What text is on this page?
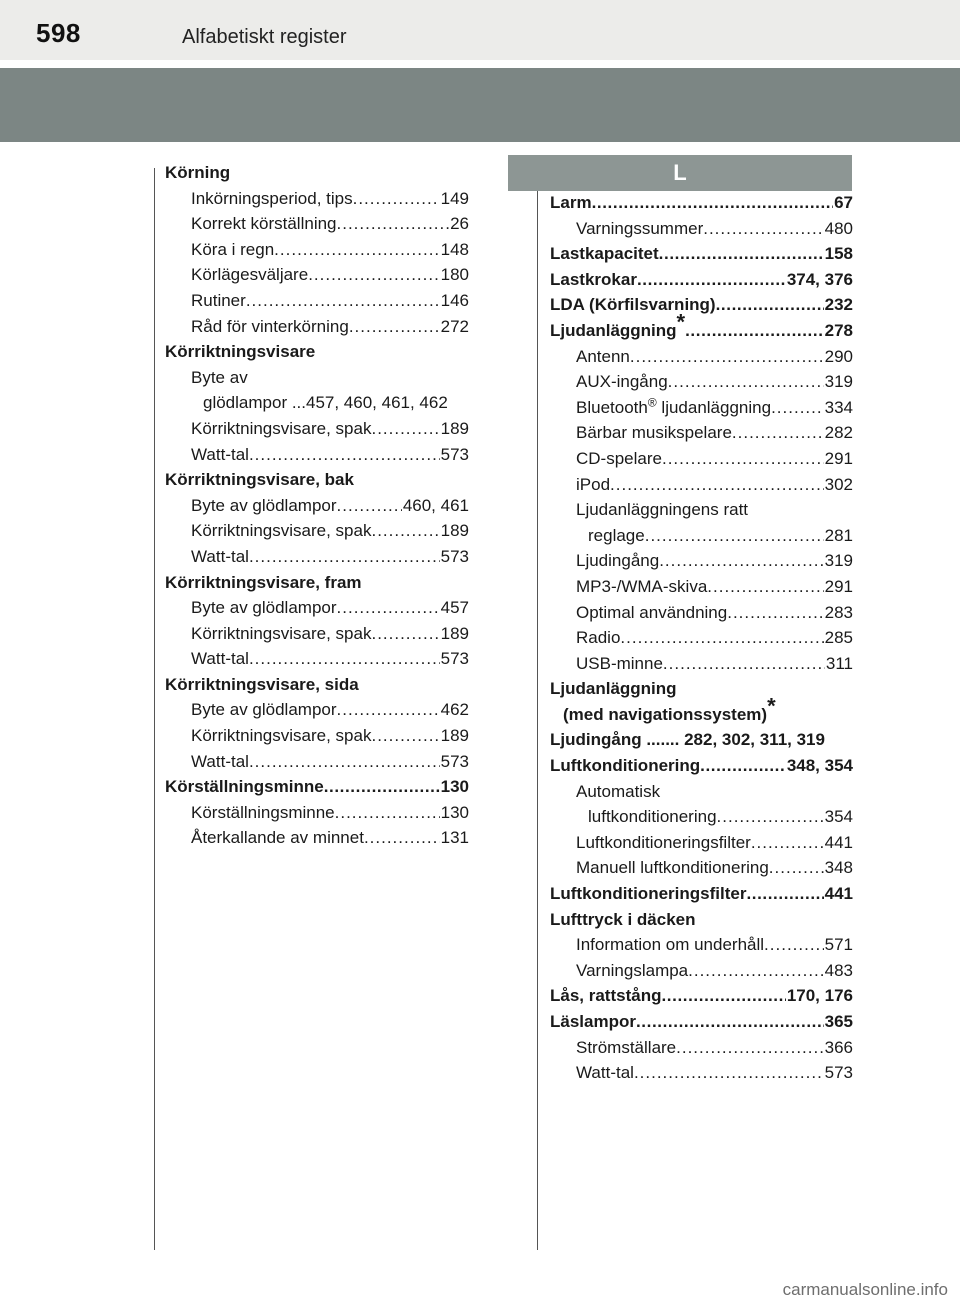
598	Alfabetiskt register
L
Körning
Inkörningsperiod, tips .....	149
Korrekt körställning .....	26
Köra i regn .....	148
Körlägesväljare .....	180
Rutiner .....	146
Råd för vinterkörning .....	272
Körriktningsvisare
Byte av
glödlampor ...457, 460, 461, 462
Körriktningsvisare, spak .....	189
Watt-tal .....	573
Körriktningsvisare, bak
Byte av glödlampor .....	460, 461
Körriktningsvisare, spak .....	189
Watt-tal .....	573
Körriktningsvisare, fram
Byte av glödlampor .....	457
Körriktningsvisare, spak .....	189
Watt-tal .....	573
Körriktningsvisare, sida
Byte av glödlampor .....	462
Körriktningsvisare, spak .....	189
Watt-tal .....	573
Körställningsminne .....	130
Körställningsminne .....	130
Återkallande av minnet .....	131
Larm .....	67
Varningssummer .....	480
Lastkapacitet .....	158
Lastkrokar .....	374, 376
LDA (Körfilsvarning) .....	232
Ljudanläggning* .....	278
Antenn .....	290
AUX-ingång .....	319
Bluetooth® ljudanläggning .....	334
Bärbar musikspelare .....	282
CD-spelare .....	291
iPod .....	302
Ljudanläggningens ratt
reglage .....	281
Ljudingång .....	319
MP3-/WMA-skiva .....	291
Optimal användning .....	283
Radio .....	285
USB-minne .....	311
Ljudanläggning
(med navigationssystem)*
Ljudingång ....... 282, 302, 311, 319
Luftkonditionering .....	348, 354
Automatisk
luftkonditionering .....	354
Luftkonditioneringsfilter .....	441
Manuell luftkonditionering .....	348
Luftkonditioneringsfilter .....	441
Lufttryck i däcken
Information om underhåll .....	571
Varningslampa .....	483
Lås, rattstång .....	170, 176
Läslampor .....	365
Strömställare .....	366
Watt-tal .....	573
carmanualsonline.info
